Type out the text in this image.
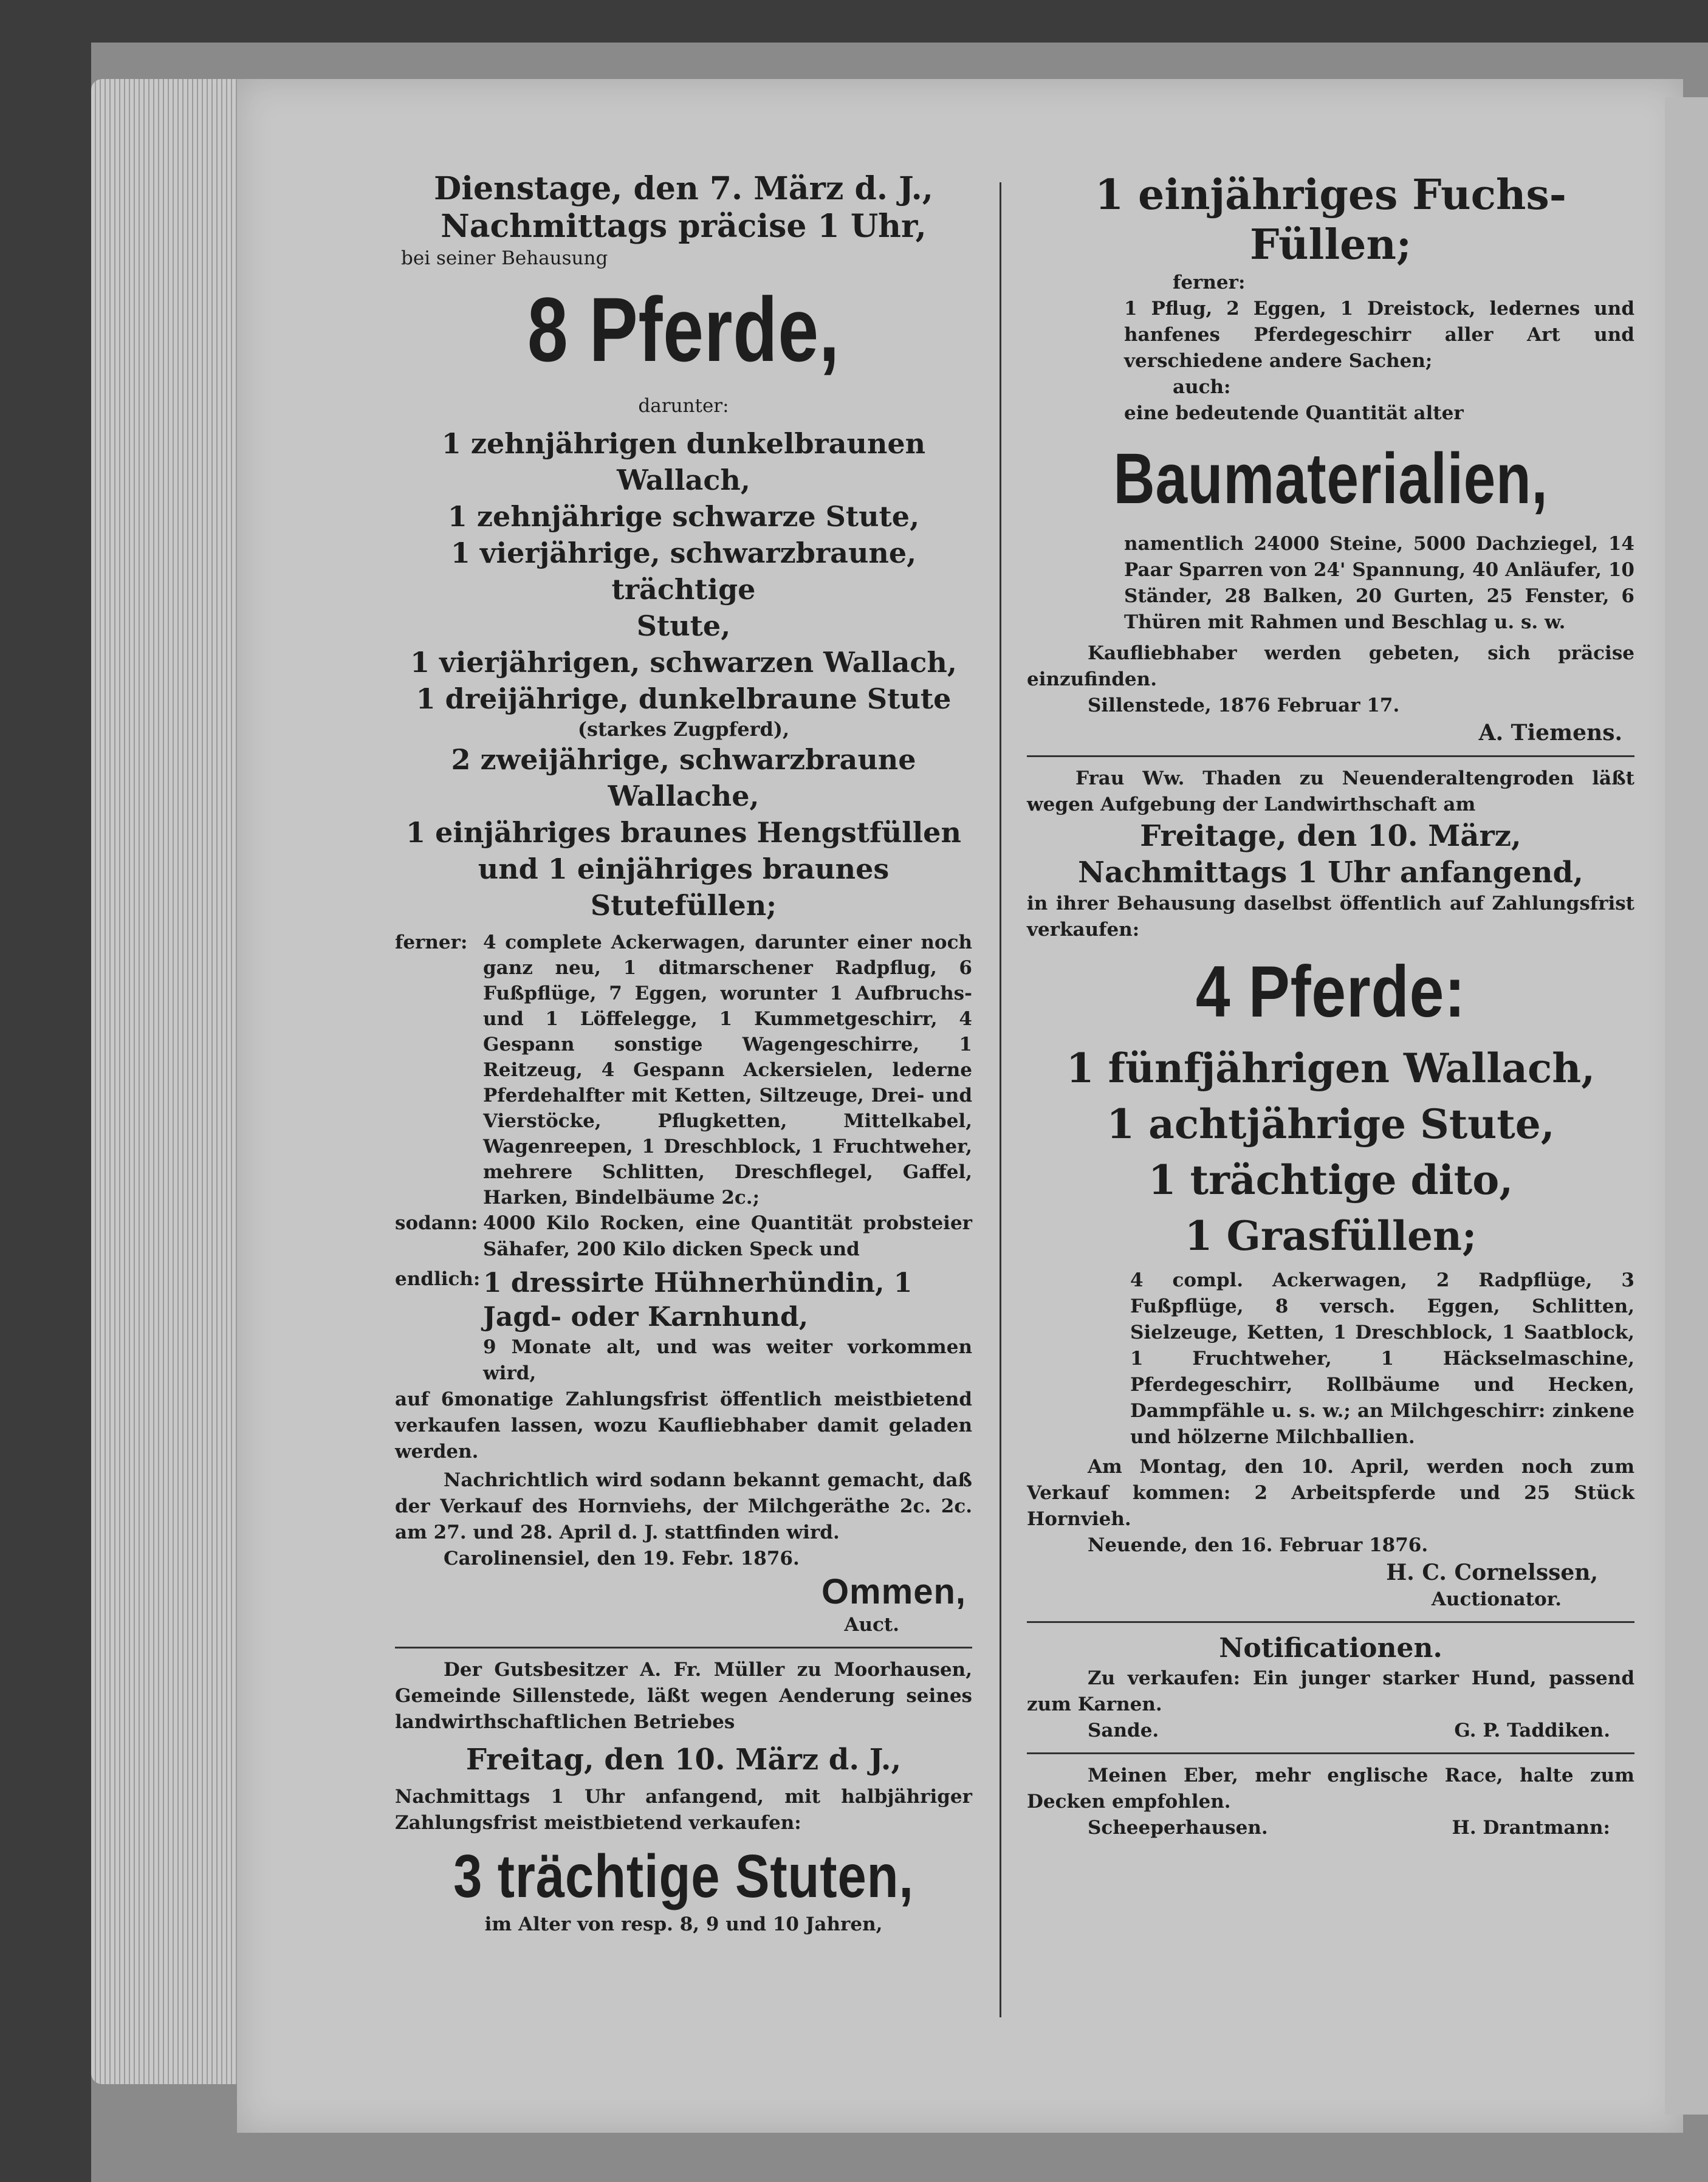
Dienstage, den 7. März d. J.,
Nachmittags präcise 1 Uhr,
bei seiner Behausung
8 Pferde,
darunter:
1 zehnjährigen dunkelbraunen Wallach,
1 zehnjährige schwarze Stute,
1 vierjährige, schwarzbraune, trächtige
Stute,
1 vierjährigen, schwarzen Wallach,
1 dreijährige, dunkelbraune Stute
(starkes Zugpferd),
2 zweijährige, schwarzbraune Wallache,
1 einjähriges braunes Hengstfüllen
und 1 einjähriges braunes
Stutefüllen;
ferner: 4 complete Ackerwagen, darunter einer noch ganz neu, 1 ditmarschener Radpflug, 6 Fußpflüge, 7 Eggen, worunter 1 Aufbruchs- und 1 Löffelegge, 1 Kummetgeschirr, 4 Gespann sonstige Wagengeschirre, 1 Reitzeug, 4 Gespann Ackersielen, lederne Pferdehalfter mit Ketten, Siltzeuge, Drei- und Vierstöcke, Pflugketten, Mittelkabel, Wagenreepen, 1 Dreschblock, 1 Fruchtweher, mehrere Schlitten, Dreschflegel, Gaffel, Harken, Bindelbäume 2c.;
sodann: 4000 Kilo Rocken, eine Quantität probsteier Sähafer, 200 Kilo dicken Speck und
endlich: 1 dressirte Hühnerhündin, 1 Jagd- oder Karnhund,
9 Monate alt, und was weiter vorkommen wird,
auf 6monatige Zahlungsfrist öffentlich meistbietend verkaufen lassen, wozu Kaufliebhaber damit geladen werden.
Nachrichtlich wird sodann bekannt gemacht, daß der Verkauf des Hornviehs, der Milchgeräthe 2c. 2c. am 27. und 28. April d. J. stattfinden wird.
Carolinensiel, den 19. Febr. 1876.
Ommen,
Auct.
Der Gutsbesitzer A. Fr. Müller zu Moorhausen, Gemeinde Sillenstede, läßt wegen Aenderung seines landwirthschaftlichen Betriebes
Freitag, den 10. März d. J.,
Nachmittags 1 Uhr anfangend, mit halbjähriger Zahlungsfrist meistbietend verkaufen:
3 trächtige Stuten,
im Alter von resp. 8, 9 und 10 Jahren,
1 einjähriges Fuchs-Füllen;
ferner:
1 Pflug, 2 Eggen, 1 Dreistock, ledernes und hanfenes Pferdegeschirr aller Art und verschiedene andere Sachen;
auch:
eine bedeutende Quantität alter
Baumaterialien,
namentlich 24000 Steine, 5000 Dachziegel, 14 Paar Sparren von 24' Spannung, 40 Anläufer, 10 Ständer, 28 Balken, 20 Gurten, 25 Fenster, 6 Thüren mit Rahmen und Beschlag u. s. w.
Kaufliebhaber werden gebeten, sich präcise einzufinden.
Sillenstede, 1876 Februar 17.
A. Tiemens.
Frau Ww. Thaden zu Neuenderaltengroden läßt wegen Aufgebung der Landwirthschaft am
Freitage, den 10. März,
Nachmittags 1 Uhr anfangend,
in ihrer Behausung daselbst öffentlich auf Zahlungsfrist verkaufen:
4 Pferde:
1 fünfjährigen Wallach,
1 achtjährige Stute,
1 trächtige dito,
1 Grasfüllen;
4 compl. Ackerwagen, 2 Radpflüge, 3 Fußpflüge, 8 versch. Eggen, Schlitten, Sielzeuge, Ketten, 1 Dreschblock, 1 Saatblock, 1 Fruchtweher, 1 Häckselmaschine, Pferdegeschirr, Rollbäume und Hecken, Dammpfähle u. s. w.; an Milchgeschirr: zinkene und hölzerne Milchballien.
Am Montag, den 10. April, werden noch zum Verkauf kommen: 2 Arbeitspferde und 25 Stück Hornvieh.
Neuende, den 16. Februar 1876.
H. C. Cornelssen,
Auctionator.
Notificationen.
Zu verkaufen: Ein junger starker Hund, passend zum Karnen.
Sande.	G. P. Taddiken.
Meinen Eber, mehr englische Race, halte zum Decken empfohlen.
Scheeperhausen.	H. Drantmann:
